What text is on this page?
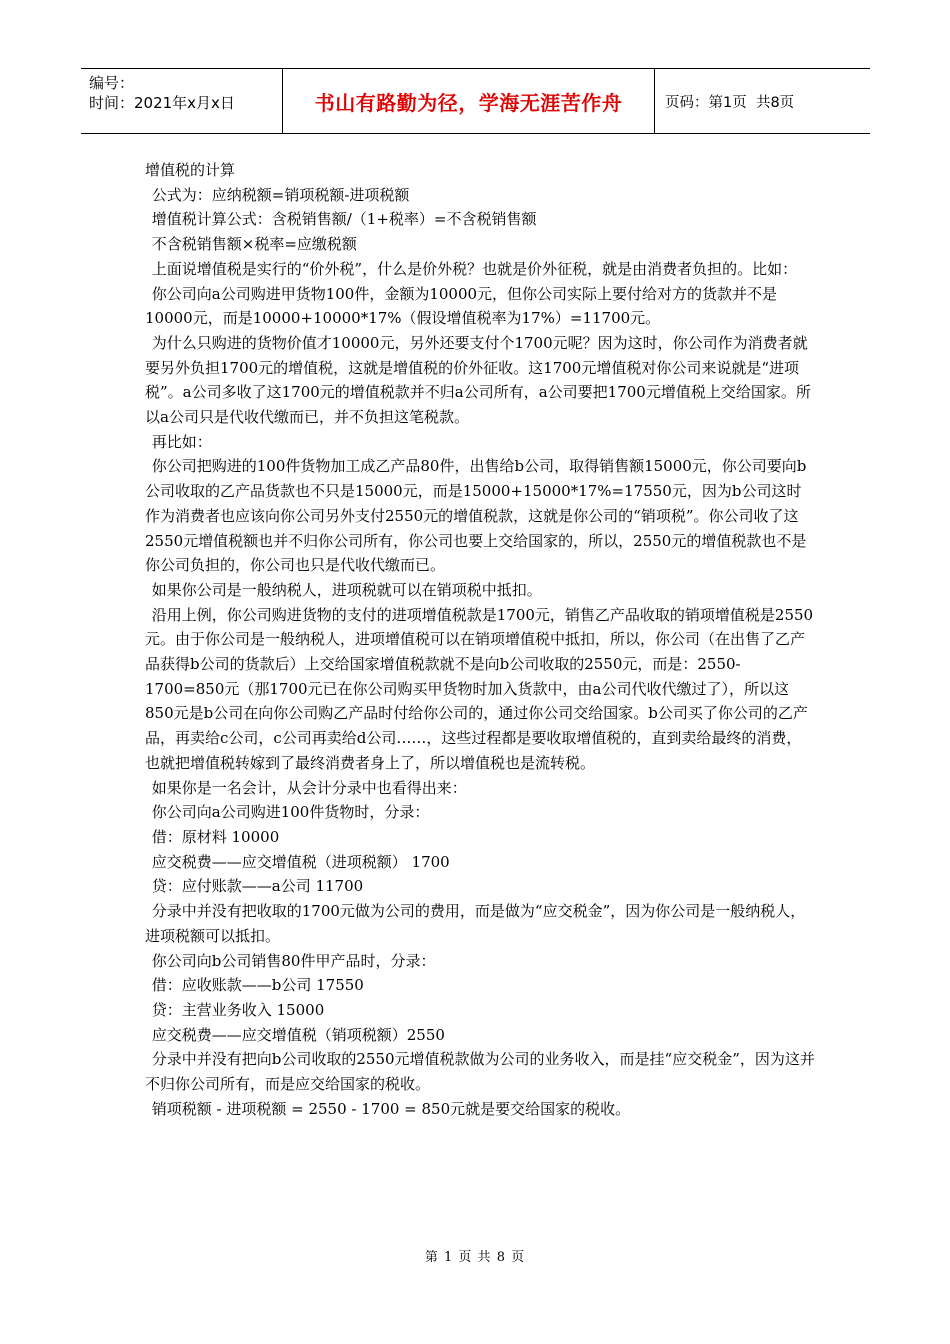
编号：
时间：2021年x月x日	书山有路勤为径，学海无涯苦作舟	页码：第1页  共8页

增值税的计算

公式为：应纳税额=销项税额-进项税额

增值税计算公式：含税销售额/（1+税率）=不含税销售额

不含税销售额×税率=应缴税额

上面说增值税是实行的“价外税”，什么是价外税？也就是价外征税，就是由消费者负担的。比如：

你公司向a公司购进甲货物100件，金额为10000元，但你公司实际上要付给对方的货款并不是10000元，而是10000+10000*17%（假设增值税率为17%）=11700元。

为什么只购进的货物价值才10000元，另外还要支付个1700元呢？因为这时，你公司作为消费者就要另外负担1700元的增值税，这就是增值税的价外征收。这1700元增值税对你公司来说就是“进项税”。a公司多收了这1700元的增值税款并不归a公司所有，a公司要把1700元增值税上交给国家。所以a公司只是代收代缴而已，并不负担这笔税款。

再比如：

你公司把购进的100件货物加工成乙产品80件，出售给b公司，取得销售额15000元，你公司要向b公司收取的乙产品货款也不只是15000元，而是15000+15000*17%=17550元，因为b公司这时作为消费者也应该向你公司另外支付2550元的增值税款，这就是你公司的“销项税”。你公司收了这2550元增值税额也并不归你公司所有，你公司也要上交给国家的，所以，2550元的增值税款也不是你公司负担的，你公司也只是代收代缴而已。

如果你公司是一般纳税人，进项税就可以在销项税中抵扣。

沿用上例，你公司购进货物的支付的进项增值税款是1700元，销售乙产品收取的销项增值税是2550元。由于你公司是一般纳税人，进项增值税可以在销项增值税中抵扣，所以，你公司（在出售了乙产品获得b公司的货款后）上交给国家增值税款就不是向b公司收取的2550元，而是：2550-1700=850元（那1700元已在你公司购买甲货物时加入货款中，由a公司代收代缴过了），所以这850元是b公司在向你公司购乙产品时付给你公司的，通过你公司交给国家。b公司买了你公司的乙产品，再卖给c公司，c公司再卖给d公司……，这些过程都是要收取增值税的，直到卖给最终的消费，也就把增值税转嫁到了最终消费者身上了，所以增值税也是流转税。

如果你是一名会计，从会计分录中也看得出来：

你公司向a公司购进100件货物时，分录：

借：原材料 10000

应交税费——应交增值税（进项税额） 1700

贷：应付账款——a公司 11700

分录中并没有把收取的1700元做为公司的费用，而是做为“应交税金”，因为你公司是一般纳税人，进项税额可以抵扣。

你公司向b公司销售80件甲产品时，分录：

借：应收账款——b公司 17550

贷：主营业务收入 15000

应交税费——应交增值税（销项税额）2550

分录中并没有把向b公司收取的2550元增值税款做为公司的业务收入，而是挂“应交税金”，因为这并不归你公司所有，而是应交给国家的税收。

销项税额 - 进项税额 = 2550 - 1700 = 850元就是要交给国家的税收。

第 1 页 共 8 页
